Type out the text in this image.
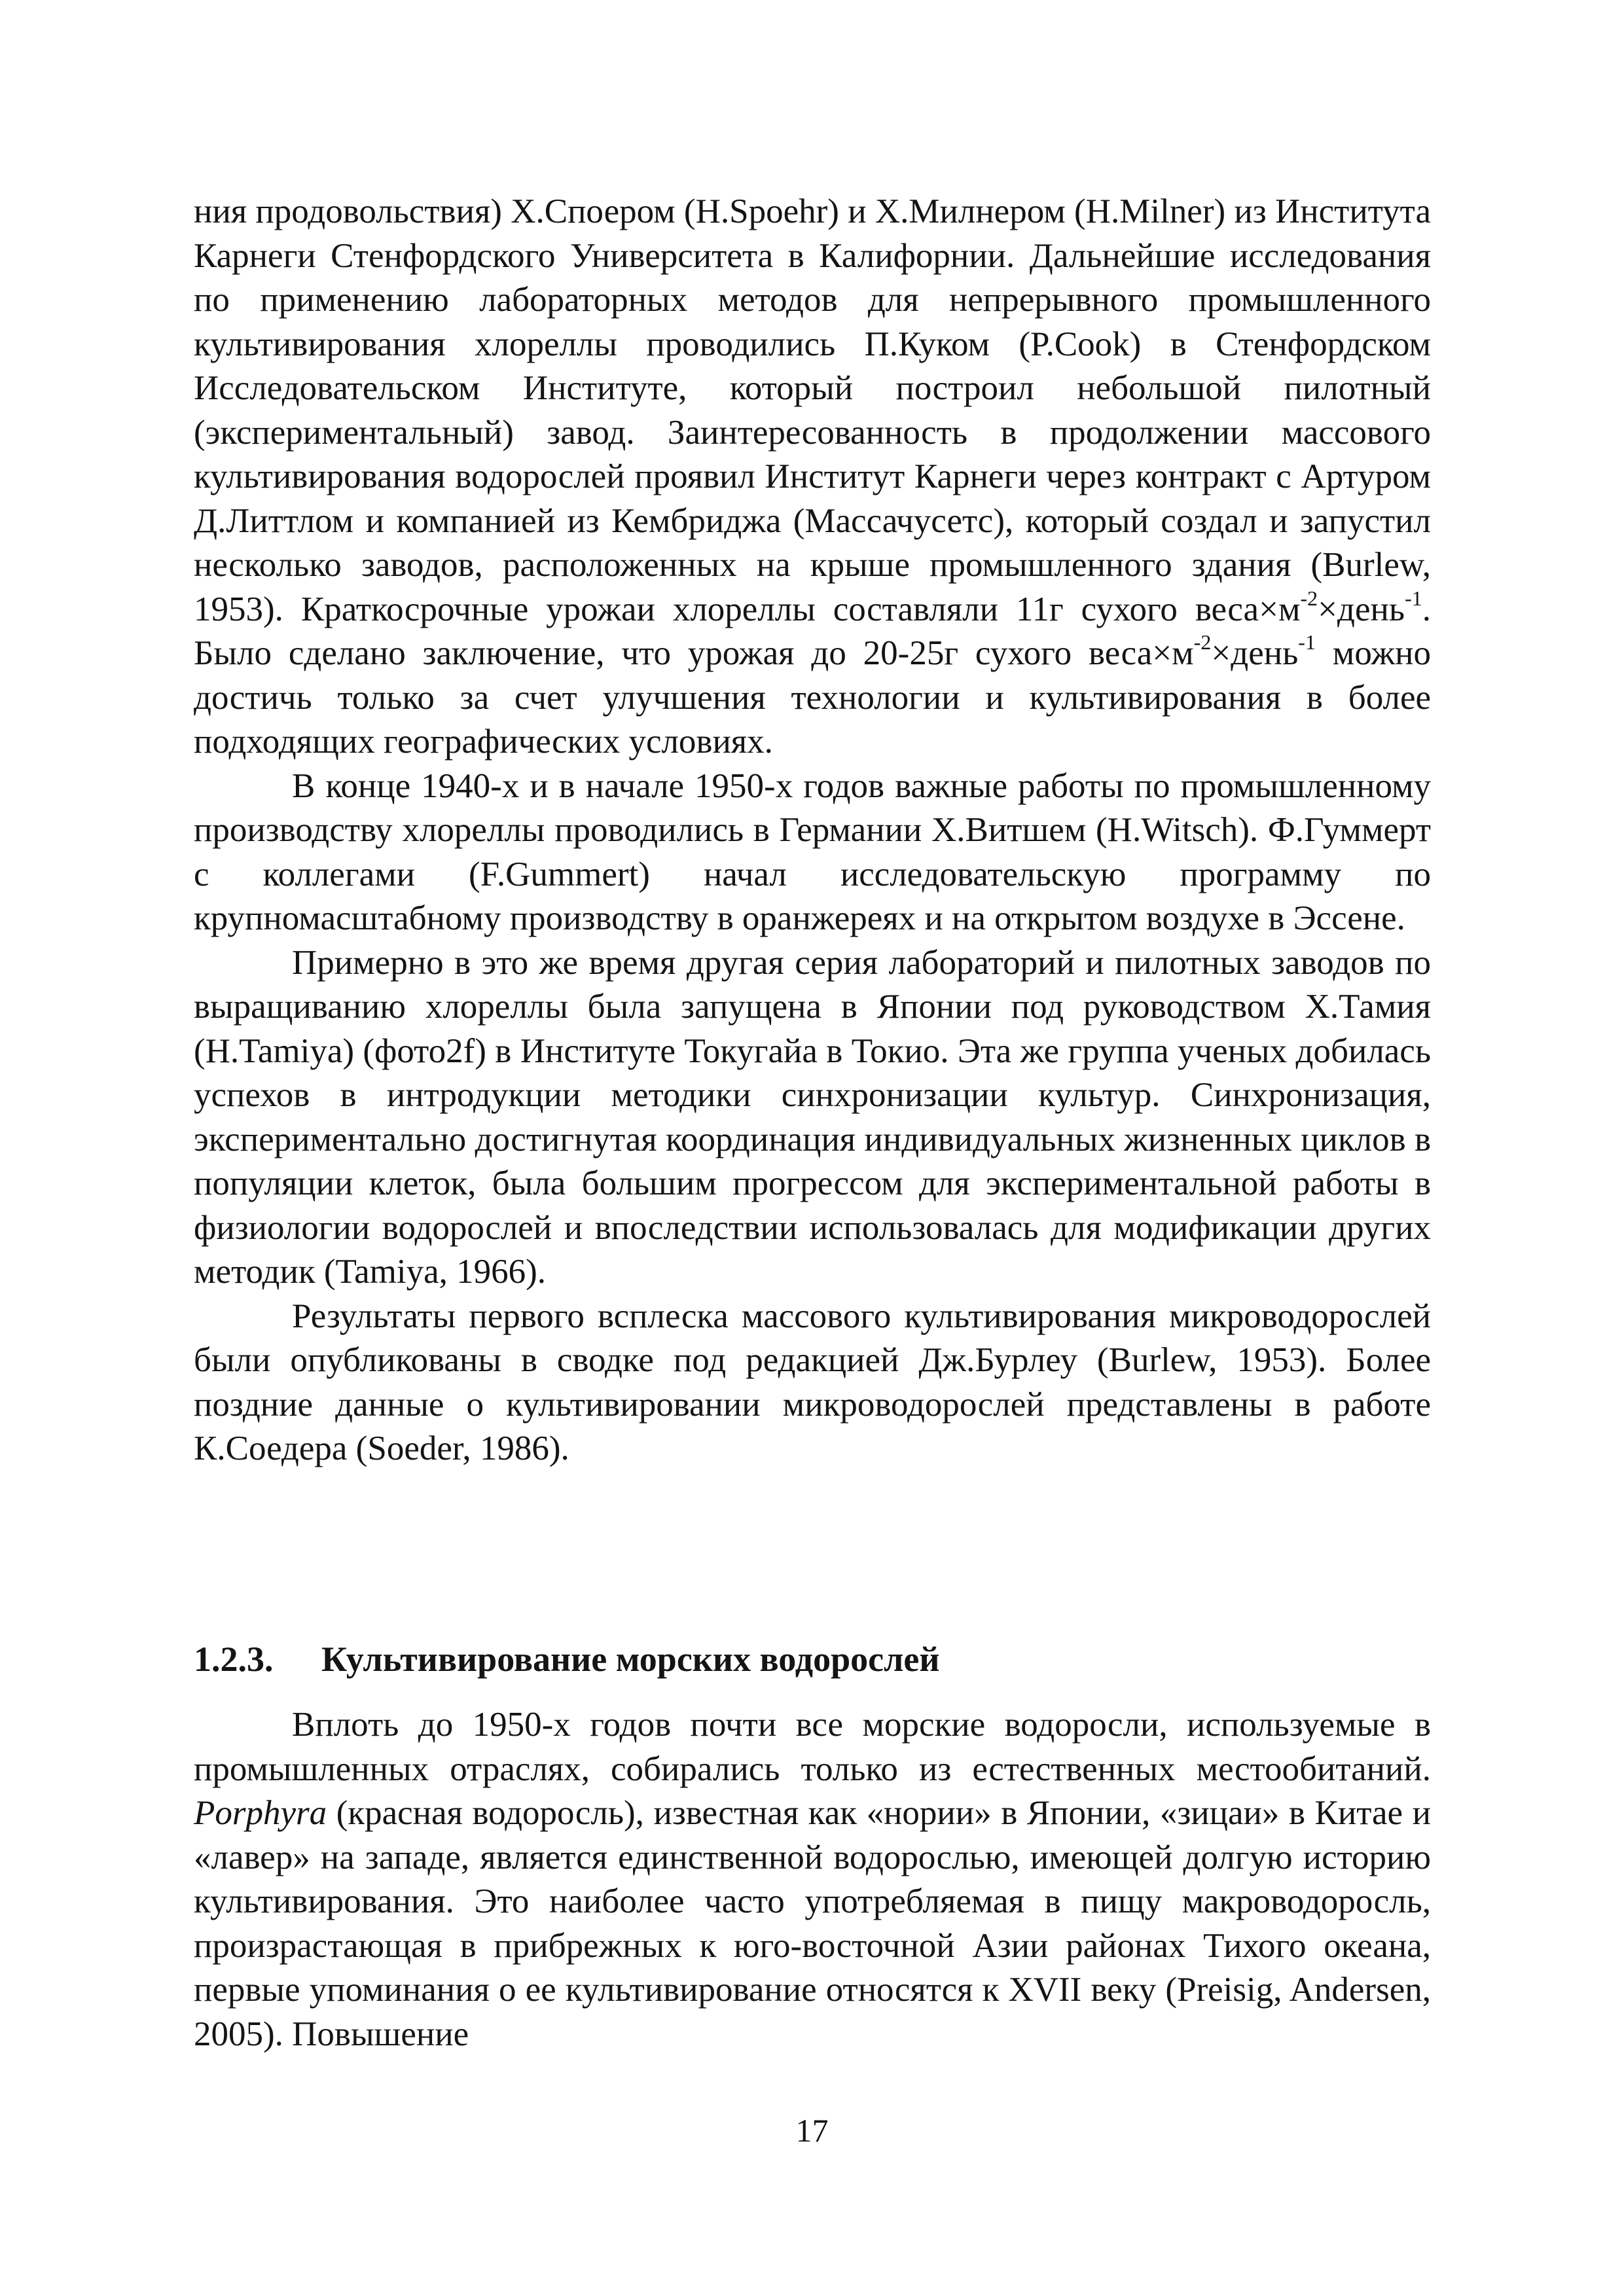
ния продовольствия) Х.Споером (H.Spoehr) и Х.Милнером (H.Milner) из Института Карнеги Стенфордского Университета в Калифорнии. Дальнейшие исследования по применению лабораторных методов для непрерывного промышленного культивирования хлореллы проводились П.Куком (P.Cook) в Стенфордском Исследовательском Институте, который построил небольшой пилотный (экспериментальный) завод. Заинтересованность в продолжении массового культивирования водорослей проявил Институт Карнеги через контракт с Артуром Д.Литтлом и компанией из Кембриджа (Массачусетс), который создал и запустил несколько заводов, расположенных на крыше промышленного здания (Burlew, 1953). Краткосрочные урожаи хлореллы составляли 11г сухого $веса\times м^{-2}\times день^{-1}$. Было сделано заключение, что урожая до 20-25г сухого $веса\times м^{-2}\times день^{-1}$ можно достичь только за счет улучшения технологии и культивирования в более подходящих географических условиях.

В конце 1940-х и в начале 1950-х годов важные работы по промышленному производству хлореллы проводились в Германии Х.Витшем (H.Witsch). Ф.Гуммерт с коллегами (F.Gummert) начал исследовательскую программу по крупномасштабному производству в оранжереях и на открытом воздухе в Эссене.

Примерно в это же время другая серия лабораторий и пилотных заводов по выращиванию хлореллы была запущена в Японии под руководством Х.Тамия (H.Tamiya) (фото2f) в Институте Токугайа в Токио. Эта же группа ученых добилась успехов в интродукции методики синхронизации культур. Синхронизация, экспериментально достигнутая координация индивидуальных жизненных циклов в популяции клеток, была большим прогрессом для экспериментальной работы в физиологии водорослей и впоследствии использовалась для модификации других методик (Tamiya, 1966).

Результаты первого всплеска массового культивирования микроводорослей были опубликованы в сводке под редакцией Дж.Бурлеу (Burlew, 1953). Более поздние данные о культивировании микроводорослей представлены в работе К.Соедера (Soeder, 1986).

1.2.3. Культивирование морских водорослей

Вплоть до 1950-х годов почти все морские водоросли, используемые в промышленных отраслях, собирались только из естественных местообитаний. Porphyra (красная водоросль), известная как «нории» в Японии, «зицаи» в Китае и «лавер» на западе, является единственной водорослью, имеющей долгую историю культивирования. Это наиболее часто употребляемая в пищу макроводоросль, произрастающая в прибрежных к юго-восточной Азии районах Тихого океана, первые упоминания о ее культивирование относятся к XVII веку (Preisig, Andersen, 2005). Повышение

17
